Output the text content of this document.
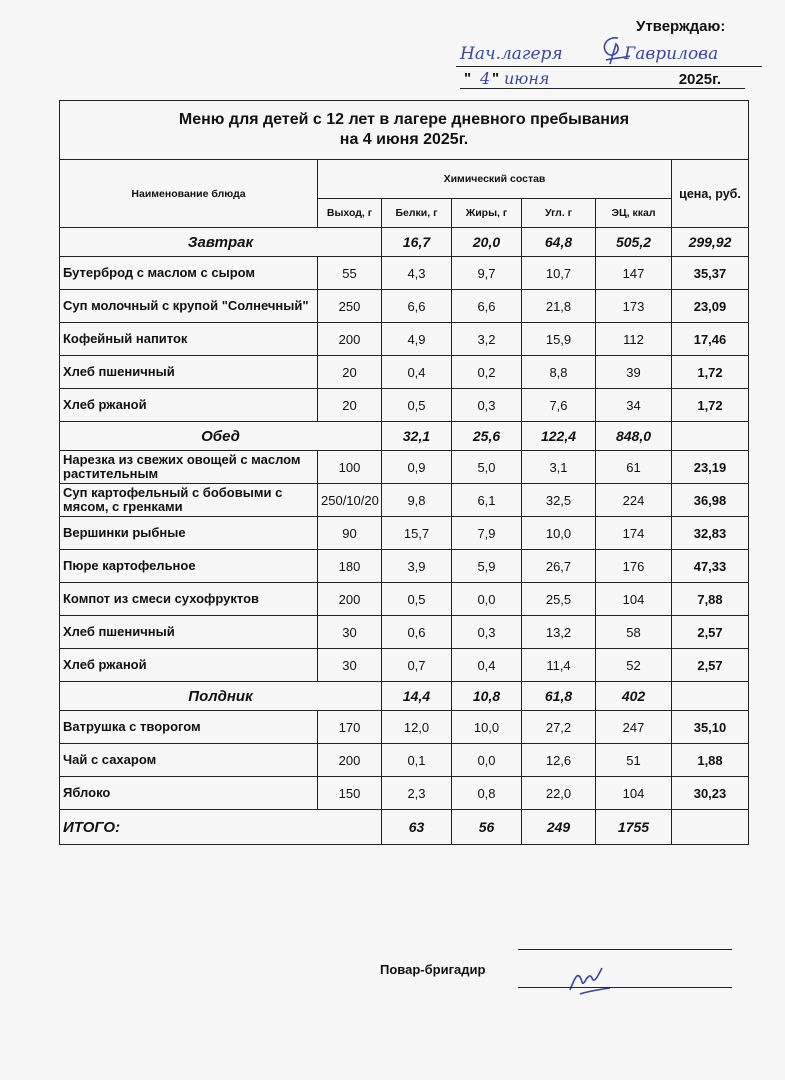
Утверждаю:
Нач.лагеря	Гаврилова
" 4 " июня	2025г.
Меню для детей с 12 лет в лагере дневного пребывания
на 4 июня 2025г.						

Наименование блюда	Химический состав					цена, руб.
	Выход, г	Белки, г	Жиры, г	Угл. г	ЭЦ, ккал	
Завтрак		16,7	20,0	64,8	505,2	299,92
Бутерброд с маслом с сыром	55	4,3	9,7	10,7	147	35,37
Суп молочный с крупой "Солнечный"	250	6,6	6,6	21,8	173	23,09
Кофейный напиток	200	4,9	3,2	15,9	112	17,46
Хлеб пшеничный	20	0,4	0,2	8,8	39	1,72
Хлеб ржаной	20	0,5	0,3	7,6	34	1,72
Обед		32,1	25,6	122,4	848,0	
Нарезка из свежих овощей с маслом растительным	100	0,9	5,0	3,1	61	23,19
Суп картофельный с бобовыми с мясом, с гренками	250/10/20	9,8	6,1	32,5	224	36,98
Вершинки рыбные	90	15,7	7,9	10,0	174	32,83
Пюре картофельное	180	3,9	5,9	26,7	176	47,33
Компот из смеси сухофруктов	200	0,5	0,0	25,5	104	7,88
Хлеб пшеничный	30	0,6	0,3	13,2	58	2,57
Хлеб ржаной	30	0,7	0,4	11,4	52	2,57
Полдник		14,4	10,8	61,8	402	
Ватрушка с творогом	170	12,0	10,0	27,2	247	35,10
Чай с сахаром	200	0,1	0,0	12,6	51	1,88
Яблоко	150	2,3	0,8	22,0	104	30,23
ИТОГО:		63	56	249	1755	
Повар-бригадир
